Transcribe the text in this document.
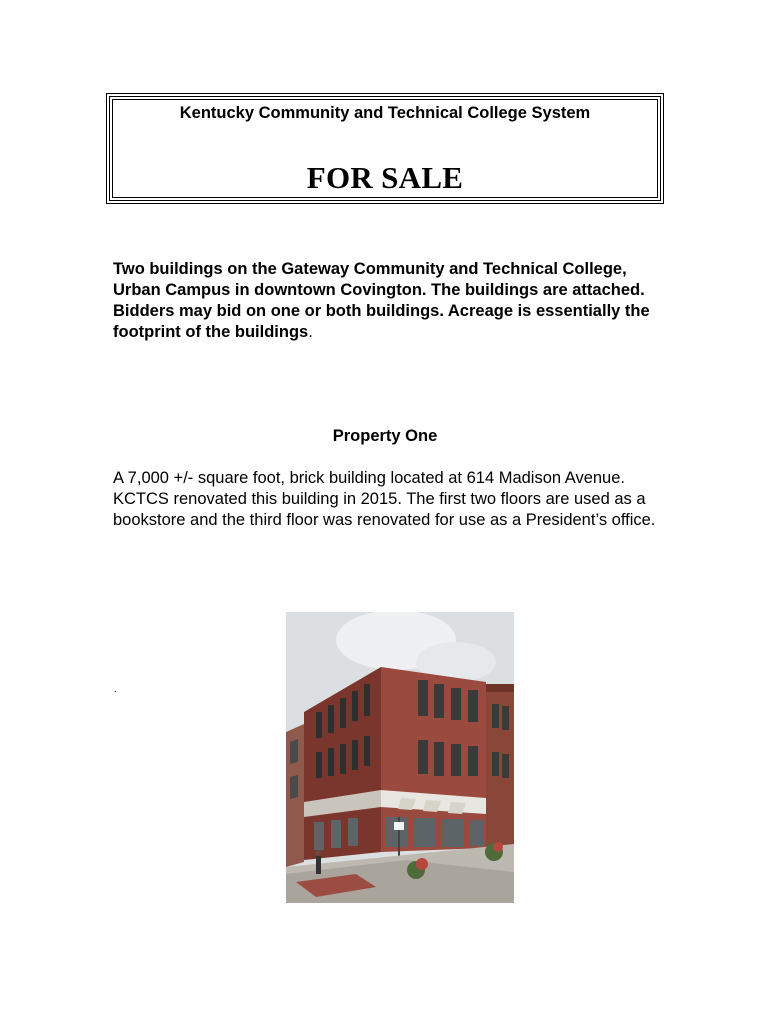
Kentucky Community and Technical College System
FOR SALE
Two buildings on the Gateway Community and Technical College, Urban Campus in downtown Covington. The buildings are attached. Bidders may bid on one or both buildings. Acreage is essentially the footprint of the buildings.
Property One
A 7,000 +/- square foot, brick building located at 614 Madison Avenue. KCTCS renovated this building in 2015. The first two floors are used as a bookstore and the third floor was renovated for use as a President’s office.
.
